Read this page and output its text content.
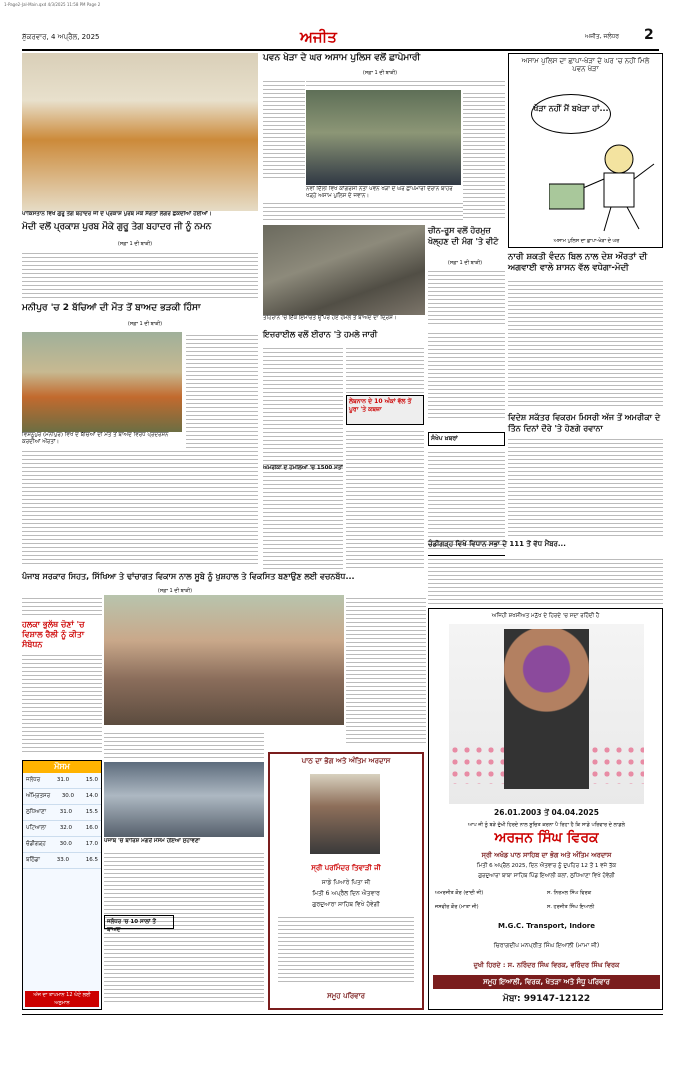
1-Page2-Jal-Main.qxd 4/3/2025 11:58 PM Page 2
ਸ਼ੁੱਕਰਵਾਰ, 4 ਅਪ੍ਰੈਲ, 2025	ਅਜੀਤ	ਅਜੀਤ, ਜਲੰਧਰ 2
ਪਾਕਿਸਤਾਨ ਵਿਖੇ ਗੁਰੂ ਤੇਗ ਬਹਾਦਰ ਜੀ ਦੇ ਪ੍ਰਕਾਸ਼ ਪੁਰਬ ਮੌਕੇ ਸੰਗਤਾਂ ਲੰਗਰ ਛਕਦੀਆਂ ਹੋਈਆਂ।
ਮੋਦੀ ਵਲੋਂ ਪ੍ਰਕਾਸ਼ ਪੁਰਬ ਮੌਕੇ ਗੁਰੂ ਤੇਗ ਬਹਾਦਰ ਜੀ ਨੂੰ ਨਮਨ
(ਸਫ਼ਾ 1 ਦੀ ਬਾਕੀ)
ਮਨੀਪੁਰ 'ਚ 2 ਬੱਚਿਆਂ ਦੀ ਮੌਤ ਤੋਂ ਬਾਅਦ ਭੜਕੀ ਹਿੰਸਾ
(ਸਫ਼ਾ 1 ਦੀ ਬਾਕੀ)
ਵਿਸ਼ਨੂਪੁਰ (ਮਨੀਪੁਰ) ਵਿਖੇ ਦੋ ਬੱਚਿਆਂ ਦੀ ਮੌਤ ਤੋਂ ਬਾਅਦ ਵਿਰੋਧ ਪ੍ਰਦਰਸ਼ਨ ਕਰਦੀਆਂ ਔਰਤਾਂ।
ਪਵਨ ਖੇੜਾ ਦੇ ਘਰ ਅਸਾਮ ਪੁਲਿਸ ਵਲੋਂ ਛਾਪੇਮਾਰੀ
(ਸਫ਼ਾ 1 ਦੀ ਬਾਕੀ)
ਨਵੀਂ ਦਿੱਲੀ ਵਿਖੇ ਕਾਂਗਰਸੀ ਨੇਤਾ ਪਵਨ ਖੇੜਾ ਦੇ ਘਰ ਛਾਪੇਮਾਰੀ ਦੌਰਾਨ ਬਾਹਰ ਖੜ੍ਹੇ ਅਸਾਮ ਪੁਲਿਸ ਦੇ ਜਵਾਨ।
ਤਹਿਰਾਨ 'ਚ ਇੱਕ ਇਮਾਰਤ ਉੱਪਰ ਹੋਏ ਹਮਲੇ ਤੋਂ ਬਾਅਦ ਦਾ ਦ੍ਰਿਸ਼।
ਚੀਨ-ਰੂਸ ਵਲੋਂ ਹੋਰਮੁਜ਼ ਖੋਲ੍ਹਣ ਦੀ ਮੰਗ 'ਤੇ ਵੀਟੋ
(ਸਫ਼ਾ 1 ਦੀ ਬਾਕੀ)
ਇਜ਼ਰਾਈਲ ਵਲੋਂ ਈਰਾਨ 'ਤੇ ਹਮਲੇ ਜਾਰੀ
ਲੇਬਨਾਨ ਦੇ 10 ਅੰਕਾਂ ਵੱਲ ਤੋਂ ਪੂਰਾ 'ਤੇ ਕਬਜ਼ਾ
ਅਮਰੀਕਾ ਦੇ ਹਮਲਿਆਂ 'ਚ 1500 ਮੌਤਾਂ
ਸੰਖੇਪ ਖ਼ਬਰਾਂ
ਅਸਾਮ ਪੁਲਿਸ ਦਾ ਛਾਪਾ-ਖੇੜਾ ਦੇ ਘਰ 'ਚ ਨਹੀਂ ਮਿਲੇ ਪਵਨ ਖੇੜਾ
ਖੇੜਾ ਨਹੀਂ ਮੈਂ ਬਖੇੜਾ ਹਾਂ...
ਅਸਾਮ ਪੁਲਿਸ ਦਾ ਛਾਪਾ-ਖੇੜਾ ਦੇ ਘਰ
ਨਾਰੀ ਸ਼ਕਤੀ ਵੰਦਨ ਬਿਲ ਨਾਲ ਦੇਸ਼ ਔਰਤਾਂ ਦੀ ਅਗਵਾਈ ਵਾਲੇ ਸ਼ਾਸਨ ਵੱਲ ਵਧੇਗਾ-ਮੋਦੀ
ਵਿਦੇਸ਼ ਸਕੱਤਰ ਵਿਕਰਮ ਮਿਸਰੀ ਅੱਜ ਤੋਂ ਅਮਰੀਕਾ ਦੇ ਤਿੰਨ ਦਿਨਾਂ ਦੌਰੇ 'ਤੇ ਹੋਣਗੇ ਰਵਾਨਾ
ਚੰਡੀਗੜ੍ਹ ਵਿਖੇ ਵਿਧਾਨ ਸਭਾ ਦੇ 111 ਤੋਂ ਵੱਧ ਮੈਂਬਰ...
ਪੰਜਾਬ ਸਰਕਾਰ ਸਿਹਤ, ਸਿੱਖਿਆ ਤੇ ਢਾਂਚਾਗਤ ਵਿਕਾਸ ਨਾਲ ਸੂਬੇ ਨੂੰ ਖੁਸ਼ਹਾਲ ਤੇ ਵਿਕਸਿਤ ਬਣਾਉਣ ਲਈ ਵਚਨਬੱਧ...
(ਸਫ਼ਾ 1 ਦੀ ਬਾਕੀ)
ਹਲਕਾ ਭੁਲੱਥ ਚੋਣਾਂ 'ਚ ਵਿਸ਼ਾਲ ਰੈਲੀ ਨੂੰ ਕੀਤਾ ਸੰਬੋਧਨ
ਮੌਸਮ
ਜਲੰਧਰ	31.0	15.0
ਅੰਮ੍ਰਿਤਸਰ 30.0 14.0
ਲੁਧਿਆਣਾ 31.0 15.5
ਪਟਿਆਲਾ 32.0 16.0
ਚੰਡੀਗੜ੍ਹ	30.0	17.0
ਬਠਿੰਡਾ	33.0	16.5
ਅੱਜ ਦਾ ਤਾਪਮਾਨ 12 ਘੰਟੇ ਲਈ ਅਨੁਮਾਨ
ਪੰਜਾਬ 'ਚ ਬਾਰਿਸ਼ ਮਗਰੋਂ ਮੌਸਮ ਹੋਇਆ ਸੁਹਾਵਣਾ
ਜਲੰਧਰ 'ਚ 10 ਸਾਲਾਂ ਤੋਂ ਬਾਅਦ
ਪਾਠ ਦਾ ਭੋਗ ਅਤੇ ਅੰਤਿਮ ਅਰਦਾਸ
ਸ੍ਰੀ ਪਰਮਿੰਦਰ ਤਿਵਾੜੀ ਜੀ
ਸਾਡੇ ਪਿਆਰੇ ਪਿਤਾ ਜੀ
ਮਿਤੀ 6 ਅਪ੍ਰੈਲ ਦਿਨ ਐਤਵਾਰ
ਗੁਰਦੁਆਰਾ ਸਾਹਿਬ ਵਿਖੇ ਹੋਵੇਗੀ
ਸਮੂਹ ਪਰਿਵਾਰ
ਅਜਿਹੀ ਸ਼ਖਸੀਅਤ ਮਨੁੱਖ ਦੇ ਹਿਰਦੇ 'ਚ ਸਦਾ ਰਹਿੰਦੀ ਹੈ
26.01.2003 ਤੋਂ 04.04.2025
ਆਪ ਜੀ ਨੂੰ ਬੜੇ ਦੁੱਖੀ ਹਿਰਦੇ ਨਾਲ ਸੂਚਿਤ ਕਰਨਾ ਪੈ ਰਿਹਾ ਹੈ ਕਿ ਸਾਡੇ ਪਰਿਵਾਰ ਦੇ ਲਾਡਲੇ
ਅਰਜਨ ਸਿੰਘ ਵਿਰਕ
ਸ੍ਰੀ ਅਖੰਡ ਪਾਠ ਸਾਹਿਬ ਦਾ ਭੋਗ ਅਤੇ ਅੰਤਿਮ ਅਰਦਾਸ
ਮਿਤੀ 6 ਅਪ੍ਰੈਲ 2025, ਦਿਨ ਐਤਵਾਰ ਨੂੰ ਦੁਪਹਿਰ 12 ਤੋਂ 1 ਵਜੇ ਤੱਕ
ਗੁਰਦੁਆਰਾ ਬਾਬਾ ਸਾਹਿਬ ਪਿੰਡ ਇਆਲੀ ਕਲਾਂ, ਲੁਧਿਆਣਾ ਵਿਖੇ ਹੋਵੇਗੀ
ਅਮਰਜੀਤ ਕੌਰ (ਦਾਦੀ ਜੀ)	ਸ. ਨਿਰਮਲ ਸਿੰਘ ਵਿਰਕ
ਜਸਵੀਰ ਕੌਰ (ਮਾਤਾ ਜੀ)	ਸ. ਹਰਜੀਤ ਸਿੰਘ ਇਆਲੀ
M.G.C. Transport, Indore
ਚਿਰਾਗਦੀਪ ਮਨਪ੍ਰੀਤ ਸਿੰਘ ਇਆਲੀ (ਮਾਮਾ ਜੀ)
ਦੁਖੀ ਹਿਰਦੇ : ਸ. ਨਰਿੰਦਰ ਸਿੰਘ ਵਿਰਕ, ਵਰਿੰਦਰ ਸਿੰਘ ਵਿਰਕ
ਸਮੂਹ ਇਆਲੀ, ਵਿਰਕ, ਖੇਤੜਾ ਅਤੇ ਸੰਧੂ ਪਰਿਵਾਰ
ਮੋਬਾ: 99147-12122
